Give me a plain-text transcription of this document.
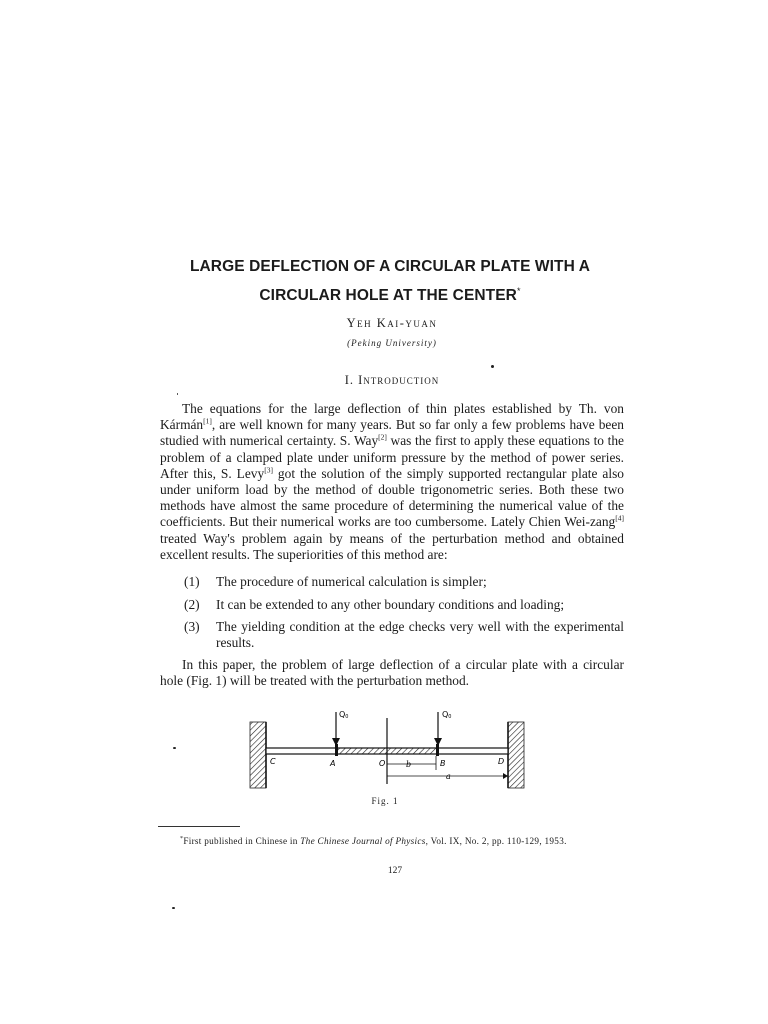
LARGE DEFLECTION OF A CIRCULAR PLATE WITH A
CIRCULAR HOLE AT THE CENTER*
Yeh Kai-yuan
(Peking University)
I. Introduction

The equations for the large deflection of thin plates established by Th. von Kármán[1], are well known for many years. But so far only a few problems have been studied with numerical certainty. S. Way[2] was the first to apply these equations to the problem of a clamped plate under uniform pressure by the method of power series. After this, S. Levy[3] got the solution of the simply supported rectangular plate also under uniform load by the method of double trigonometric series. Both these two methods have almost the same procedure of determining the numerical value of the coefficients. But their numerical works are too cumbersome. Lately Chien Wei-zang[4] treated Way's problem again by means of the perturbation method and obtained excellent results. The superiorities of this method are:

(1)	The procedure of numerical calculation is simpler;
(2)	It can be extended to any other boundary conditions and loading;
(3)	The yielding condition at the edge checks very well with the experimental results.

In this paper, the problem of large deflection of a circular plate with a circular hole (Fig. 1) will be treated with the perturbation method.

Q0	Q0
C	A	O	B	D
b
a
Fig. 1
*First published in Chinese in The Chinese Journal of Physics, Vol. IX, No. 2, pp. 110-129, 1953.
127
